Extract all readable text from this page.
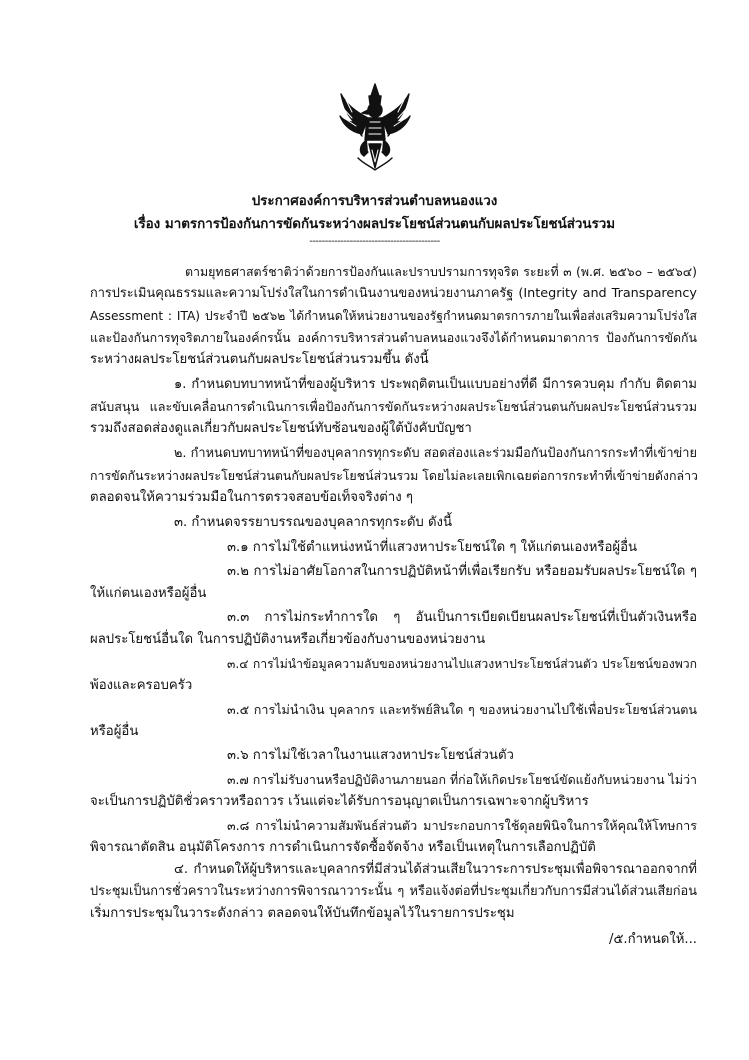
ประกาศองค์การบริหารส่วนตำบลหนองแวง
เรื่อง มาตรการป้องกันการขัดกันระหว่างผลประโยชน์ส่วนตนกับผลประโยชน์ส่วนรวม
------------------------------------------
ตามยุทธศาสตร์ชาติว่าด้วยการป้องกันและปราบปรามการทุจริต ระยะที่ ๓ (พ.ศ. ๒๕๖๐ – ๒๕๖๔)
การประเมินคุณธรรมและความโปร่งใสในการดำเนินงานของหน่วยงานภาครัฐ (Integrity and Transparency
Assessment : ITA) ประจำปี ๒๕๖๒ ได้กำหนดให้หน่วยงานของรัฐกำหนดมาตรการภายในเพื่อส่งเสริมความโปร่งใส
และป้องกันการทุจริตภายในองค์กรนั้น องค์การบริหารส่วนตำบลหนองแวงจึงได้กำหนดมาตาการ ป้องกันการขัดกัน
ระหว่างผลประโยชน์ส่วนตนกับผลประโยชน์ส่วนรวมขึ้น ดังนี้
๑. กำหนดบทบาทหน้าที่ของผู้บริหาร ประพฤติตนเป็นแบบอย่างที่ดี มีการควบคุม กำกับ ติดตาม
สนับสนุน และขับเคลื่อนการดำเนินการเพื่อป้องกันการขัดกันระหว่างผลประโยชน์ส่วนตนกับผลประโยชน์ส่วนรวม
รวมถึงสอดส่องดูแลเกี่ยวกับผลประโยชน์ทับซ้อนของผู้ใต้บังคับบัญชา
๒. กำหนดบทบาทหน้าที่ของบุคลากรทุกระดับ สอดส่องและร่วมมือกันป้องกันการกระทำที่เข้าข่าย
การขัดกันระหว่างผลประโยชน์ส่วนตนกับผลประโยชน์ส่วนรวม โดยไม่ละเลยเพิกเฉยต่อการกระทำที่เข้าข่ายดังกล่าว
ตลอดจนให้ความร่วมมือในการตรวจสอบข้อเท็จจริงต่าง ๆ
๓. กำหนดจรรยาบรรณของบุคลากรทุกระดับ ดังนี้
๓.๑ การไม่ใช้ตำแหน่งหน้าที่แสวงหาประโยชน์ใด ๆ ให้แก่ตนเองหรือผู้อื่น
๓.๒ การไม่อาศัยโอกาสในการปฏิบัติหน้าที่เพื่อเรียกรับ หรือยอมรับผลประโยชน์ใด ๆ
ให้แก่ตนเองหรือผู้อื่น
๓.๓ การไม่กระทำการใด ๆ อันเป็นการเบียดเบียนผลประโยชน์ที่เป็นตัวเงินหรือ
ผลประโยชน์อื่นใด ในการปฏิบัติงานหรือเกี่ยวข้องกับงานของหน่วยงาน
๓.๔ การไม่นำข้อมูลความลับของหน่วยงานไปแสวงหาประโยชน์ส่วนตัว ประโยชน์ของพวก
พ้องและครอบครัว
๓.๕ การไม่นำเงิน บุคลากร และทรัพย์สินใด ๆ ของหน่วยงานไปใช้เพื่อประโยชน์ส่วนตน
หรือผู้อื่น
๓.๖ การไม่ใช้เวลาในงานแสวงหาประโยชน์ส่วนตัว
๓.๗ การไม่รับงานหรือปฏิบัติงานภายนอก ที่ก่อให้เกิดประโยชน์ขัดแย้งกับหน่วยงาน ไม่ว่า
จะเป็นการปฏิบัติชั่วคราวหรือถาวร เว้นแต่จะได้รับการอนุญาตเป็นการเฉพาะจากผู้บริหาร
๓.๘ การไม่นำความสัมพันธ์ส่วนตัว มาประกอบการใช้ดุลยพินิจในการให้คุณให้โทษการ
พิจารณาตัดสิน อนุมัติโครงการ การดำเนินการจัดซื้อจัดจ้าง หรือเป็นเหตุในการเลือกปฏิบัติ
๔. กำหนดให้ผู้บริหารและบุคลากรที่มีส่วนได้ส่วนเสียในวาระการประชุมเพื่อพิจารณาออกจากที่
ประชุมเป็นการชั่วคราวในระหว่างการพิจารณาวาระนั้น ๆ หรือแจ้งต่อที่ประชุมเกี่ยวกับการมีส่วนได้ส่วนเสียก่อน
เริ่มการประชุมในวาระดังกล่าว ตลอดจนให้บันทึกข้อมูลไว้ในรายการประชุม
/๕.กำหนดให้...
